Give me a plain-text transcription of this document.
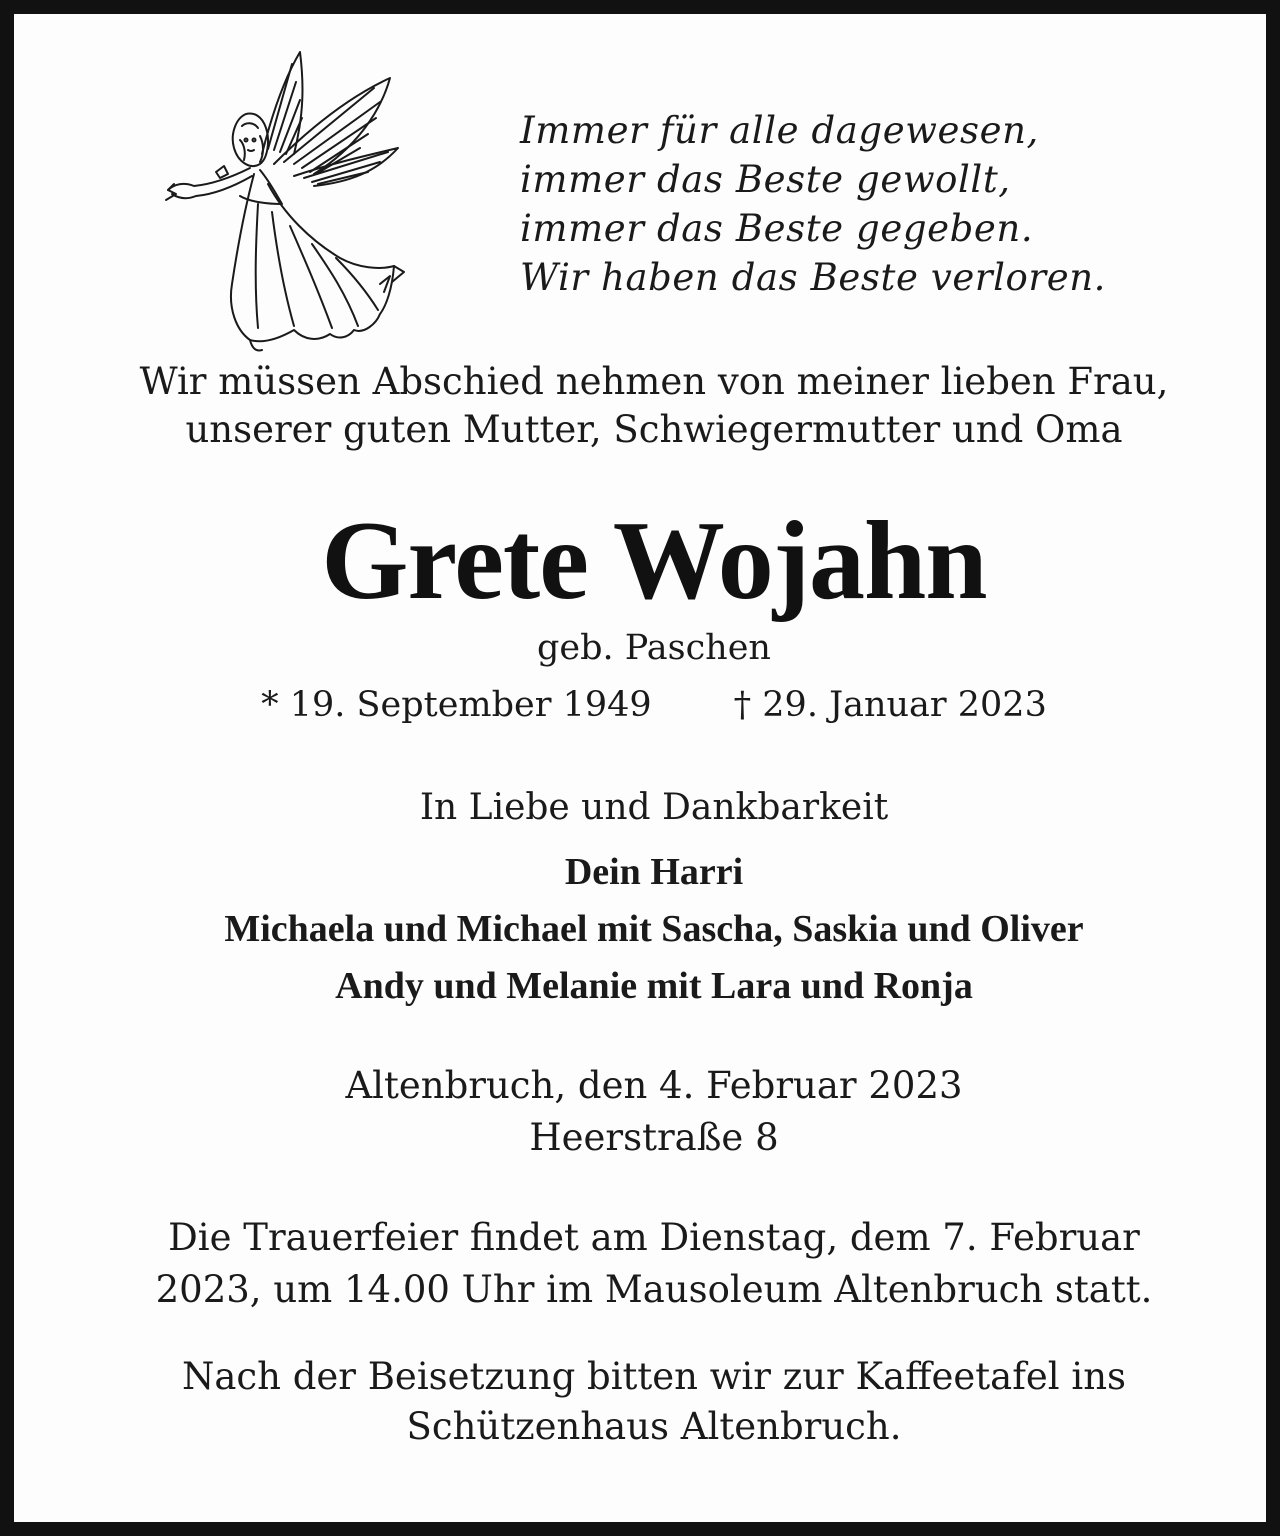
Immer für alle dagewesen,
immer das Beste gewollt,
immer das Beste gegeben.
Wir haben das Beste verloren.
Wir müssen Abschied nehmen von meiner lieben Frau,
unserer guten Mutter, Schwiegermutter und Oma
Grete Wojahn
geb. Paschen
* 19. September 1949 † 29. Januar 2023
In Liebe und Dankbarkeit
Dein Harri
Michaela und Michael mit Sascha, Saskia und Oliver
Andy und Melanie mit Lara und Ronja
Altenbruch, den 4. Februar 2023
Heerstraße 8
Die Trauerfeier findet am Dienstag, dem 7. Februar
2023, um 14.00 Uhr im Mausoleum Altenbruch statt.
Nach der Beisetzung bitten wir zur Kaffeetafel ins
Schützenhaus Altenbruch.
